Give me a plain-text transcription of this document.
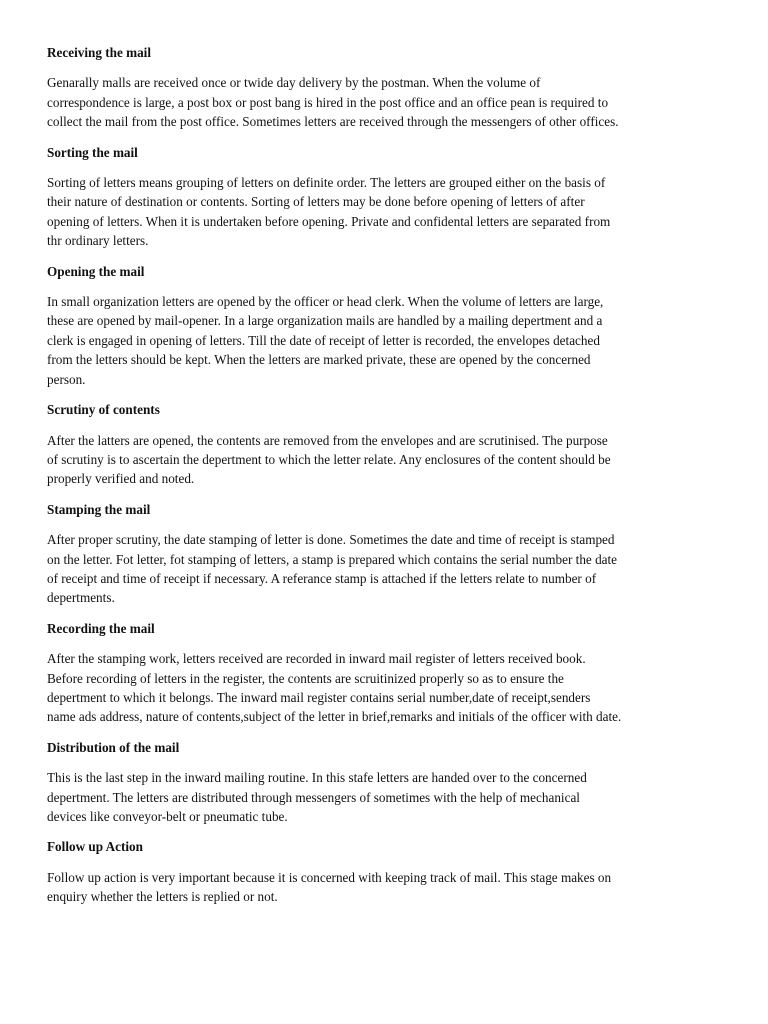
Receiving the mail
Genarally malls are received once or twide day delivery by the postman. When the volume of
correspondence is large, a post box or post bang is hired in the post office and an office pean is required to
collect the mail from the post office. Sometimes letters are received through the messengers of other offices.
Sorting the mail
Sorting of letters means grouping of letters on definite order. The letters are grouped either on the basis of
their nature of destination or contents. Sorting of letters may be done before opening of letters of after
opening of letters. When it is undertaken before opening. Private and confidental letters are separated from
thr ordinary letters.
Opening the mail
In small organization letters are opened by the officer or head clerk. When the volume of letters are large,
these are opened by mail-opener. In a large organization mails are handled by a mailing depertment and a
clerk is engaged in opening of letters. Till the date of receipt of letter is recorded, the envelopes detached
from the letters should be kept. When the letters are marked private, these are opened by the concerned
person.
Scrutiny of contents
After the latters are opened, the contents are removed from the envelopes and are scrutinised. The purpose
of scrutiny is to ascertain the depertment to which the letter relate. Any enclosures of the content should be
properly verified and noted.
Stamping the mail
After proper scrutiny, the date stamping of letter is done. Sometimes the date and time of receipt is stamped
on the letter. Fot letter, fot stamping of letters, a stamp is prepared which contains the serial number the date
of receipt and time of receipt if necessary. A referance stamp is attached if the letters relate to number of
depertments.
Recording the mail
After the stamping work, letters received are recorded in inward mail register of letters received book.
Before recording of letters in the register, the contents are scruitinized properly so as to ensure the
depertment to which it belongs. The inward mail register contains serial number,date of receipt,senders
name ads address, nature of contents,subject of the letter in brief,remarks and initials of the officer with date.
Distribution of the mail
This is the last step in the inward mailing routine. In this stafe letters are handed over to the concerned
depertment. The letters are distributed through messengers of sometimes with the help of mechanical
devices like conveyor-belt or pneumatic tube.
Follow up Action
Follow up action is very important because it is concerned with keeping track of mail. This stage makes on
enquiry whether the letters is replied or not.
